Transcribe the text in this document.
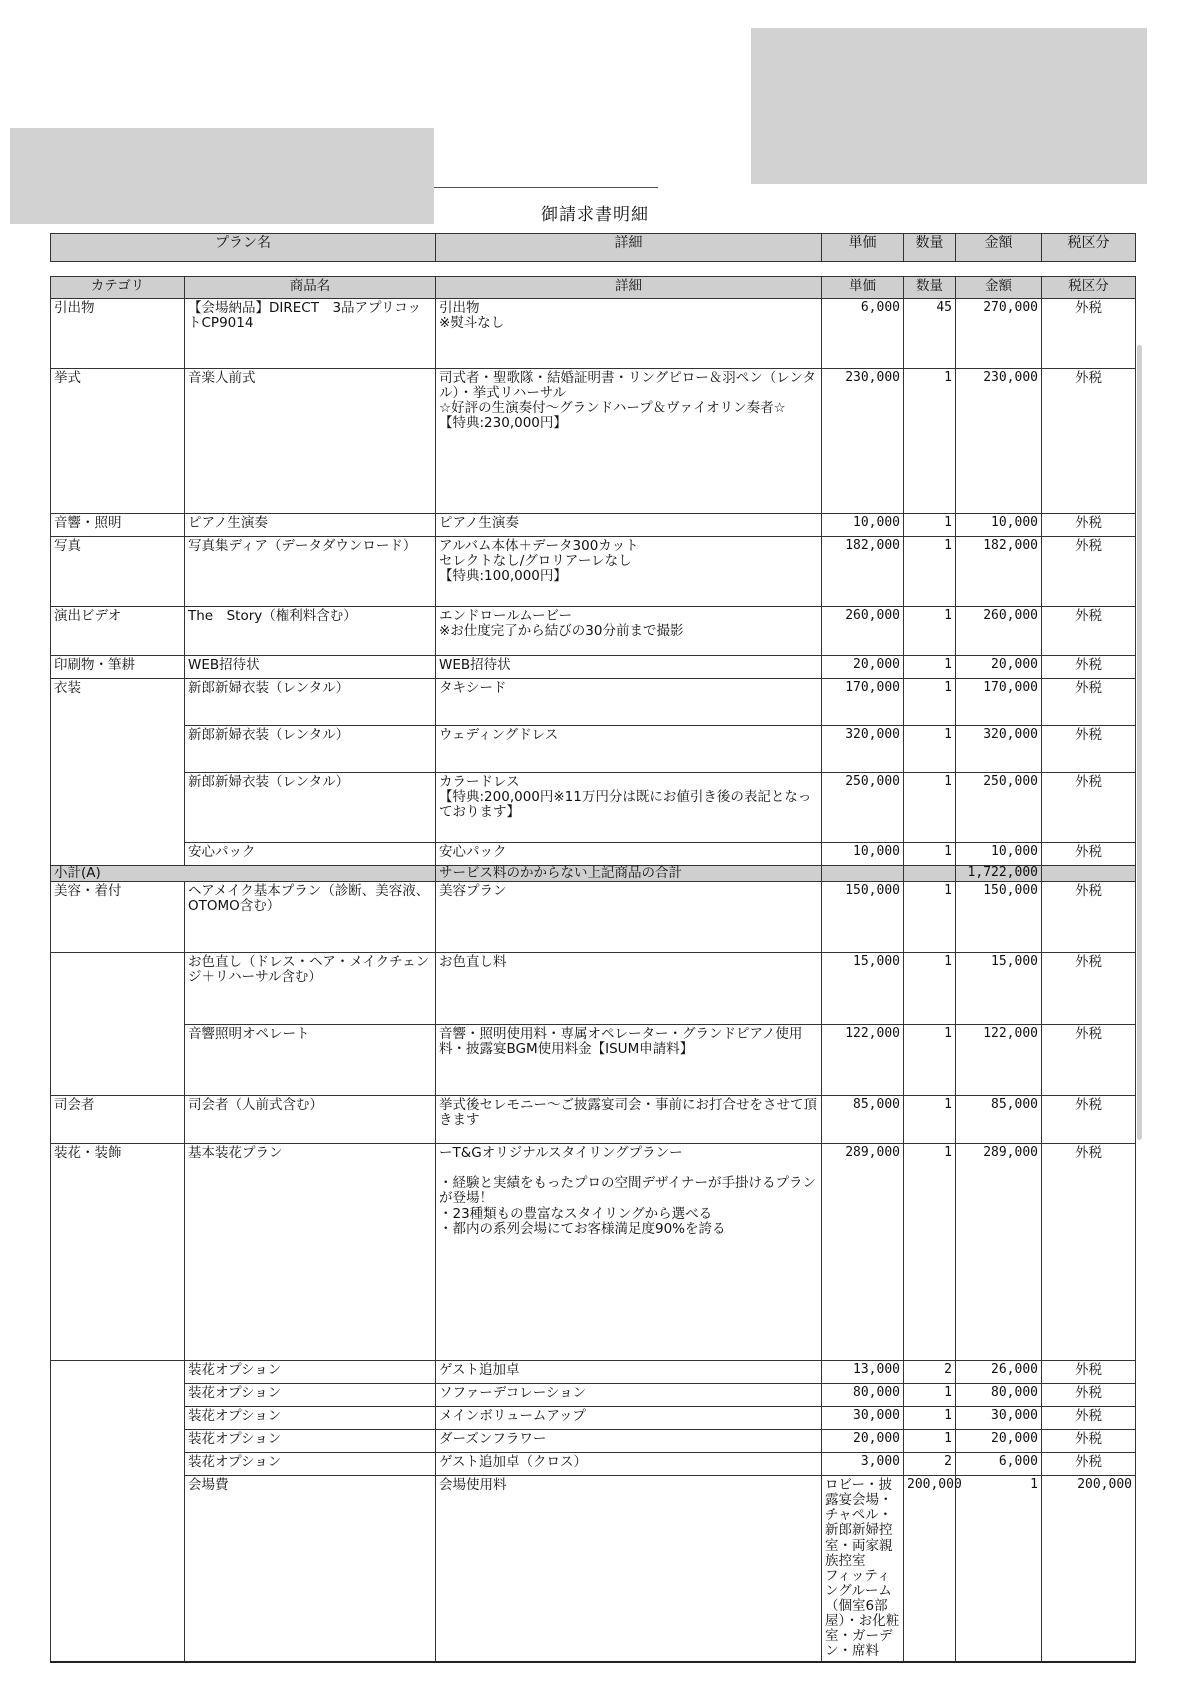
御請求書明細
プラン名	詳細	単価	数量	金額	税区分
カテゴリ	商品名	詳細	単価	数量	金額	税区分	
引出物	【会場納品】DIRECT　3品アプリコットCP9014	引出物
※熨斗なし	6,000	45	270,000	外税	
挙式	音楽人前式	司式者・聖歌隊・結婚証明書・リングピロー＆羽ペン（レンタル）・挙式リハーサル
☆好評の生演奏付～グランドハープ＆ヴァイオリン奏者☆
【特典:230,000円】	230,000	1	230,000	外税	
音響・照明	ピアノ生演奏	ピアノ生演奏	10,000	1	10,000	外税	
写真	写真集ディア（データダウンロード）	アルバム本体＋データ300カット
セレクトなし/グロリアーレなし
【特典:100,000円】	182,000	1	182,000	外税	
演出ビデオ	The　Story（権利料含む）	エンドロールムービー
※お仕度完了から結びの30分前まで撮影	260,000	1	260,000	外税	
印刷物・筆耕	WEB招待状	WEB招待状	20,000	1	20,000	外税	
衣装	新郎新婦衣装（レンタル）	タキシード	170,000	1	170,000	外税	
	新郎新婦衣装（レンタル）	ウェディングドレス	320,000	1	320,000	外税	
	新郎新婦衣装（レンタル）	カラードレス
【特典:200,000円※11万円分は既にお値引き後の表記となっております】	250,000	1	250,000	外税	
	安心パック	安心パック	10,000	1	10,000	外税	
小計(A)		サービス料のかからない上記商品の合計			1,722,000		
美容・着付	ヘアメイク基本プラン（診断、美容液、OTOMO含む）	美容プラン	150,000	1	150,000	外税	
	お色直し（ドレス・ヘア・メイクチェンジ＋リハーサル含む）	お色直し料	15,000	1	15,000	外税	
	音響照明オペレート	音響・照明使用料・専属オペレーター・グランドピアノ使用料・披露宴BGM使用料金【ISUM申請料】	122,000	1	122,000	外税	
司会者	司会者（人前式含む）	挙式後セレモニー～ご披露宴司会・事前にお打合せをさせて頂きます	85,000	1	85,000	外税	
装花・装飾	基本装花プラン	ーT&Gオリジナルスタイリングプランー

・経験と実績をもったプロの空間デザイナーが手掛けるプランが登場！
・23種類もの豊富なスタイリングから選べる
・都内の系列会場にてお客様満足度90%を誇る	289,000	1	289,000	外税	
	装花オプション	ゲスト追加卓	13,000	2	26,000	外税	
	装花オプション	ソファーデコレーション	80,000	1	80,000	外税	
	装花オプション	メインボリュームアップ	30,000	1	30,000	外税	
	装花オプション	ダーズンフラワー	20,000	1	20,000	外税	
	装花オプション	ゲスト追加卓（クロス）	3,000	2	6,000	外税	
	会場費	会場使用料	ロビー・披露宴会場・チャペル・新郎新婦控室・両家親族控室
フィッティングルーム（個室6部屋）・お化粧室・ガーデン・席料	200,000	1	200,000	
